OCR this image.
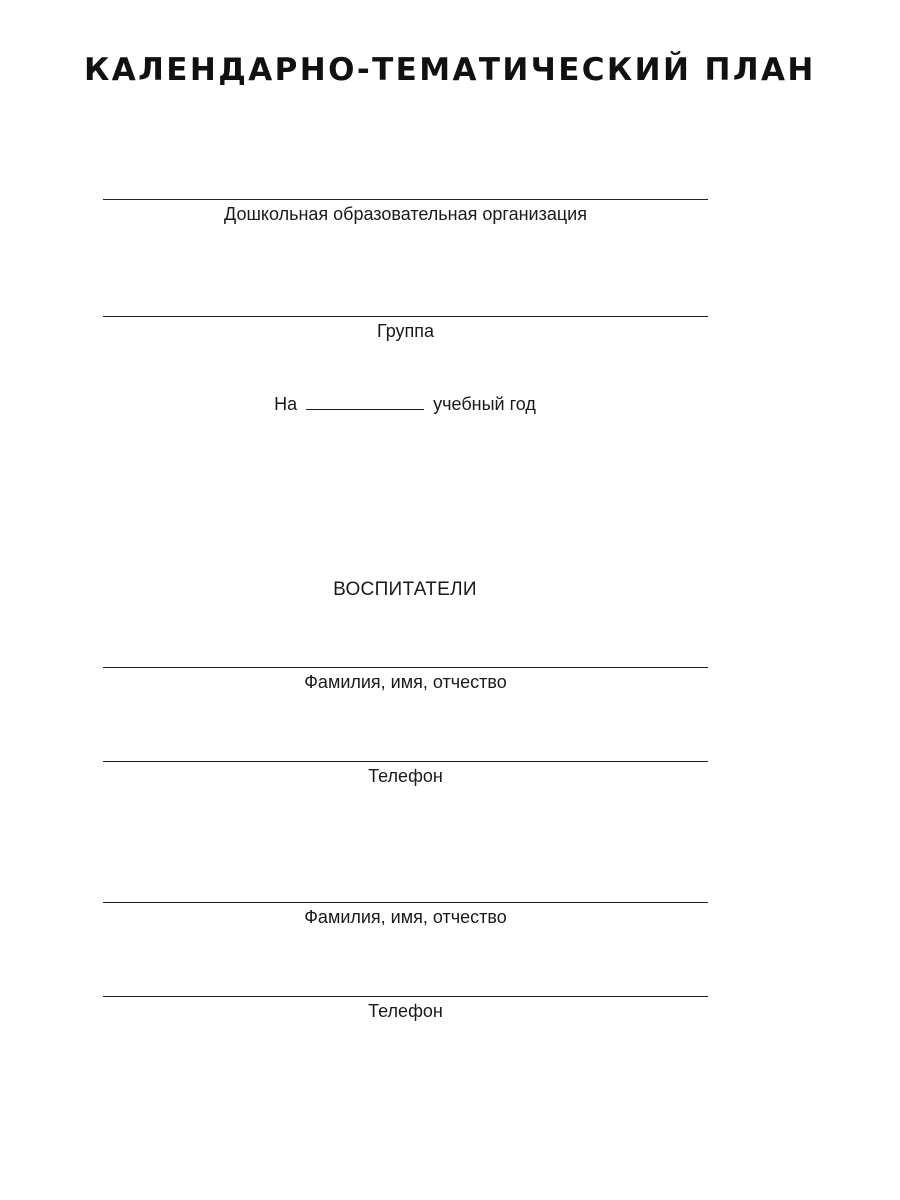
КАЛЕНДАРНО-ТЕМАТИЧЕСКИЙ ПЛАН
Дошкольная образовательная организация
Группа
На	учебный год
ВОСПИТАТЕЛИ
Фамилия, имя, отчество
Телефон
Фамилия, имя, отчество
Телефон
